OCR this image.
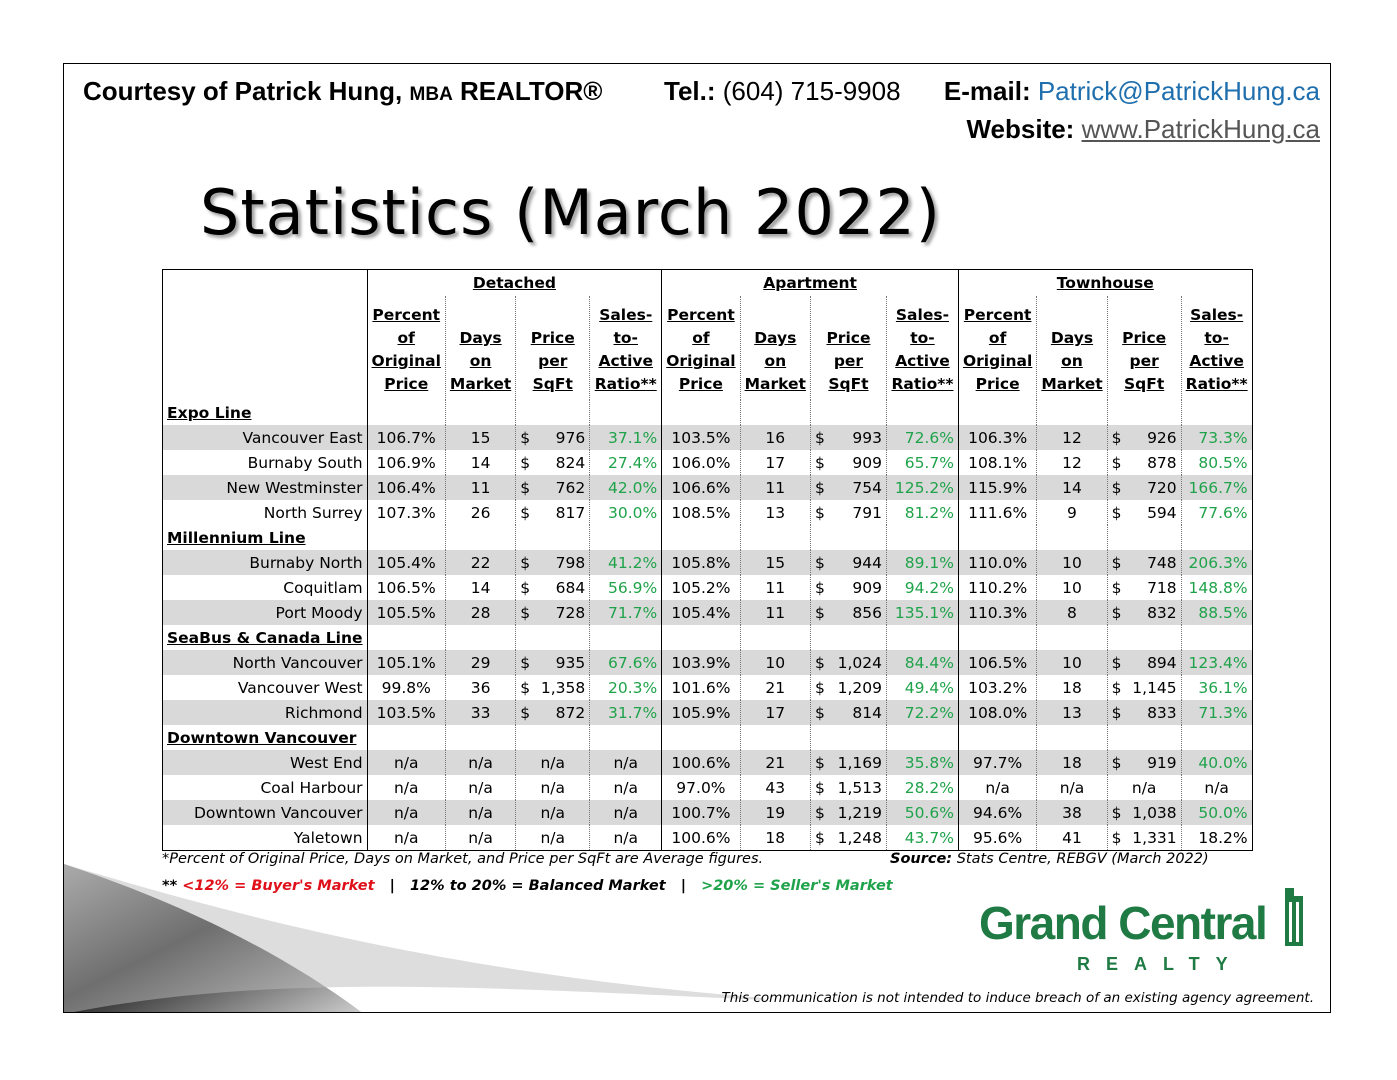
Courtesy of Patrick Hung, MBA REALTOR® Tel.: (604) 715-9908 E-mail: Patrick@PatrickHung.ca
Website: www.PatrickHung.ca
Statistics (March 2022)
	Detached				Apartment				Townhouse			
	Percent
of
Original
Price	Days
on
Market	Price
per
SqFt	Sales-
to-
Active
Ratio**	Percent
of
Original
Price	Days
on
Market	Price
per
SqFt	Sales-
to-
Active
Ratio**	Percent
of
Original
Price	Days
on
Market	Price
per
SqFt	Sales-
to-
Active
Ratio**
Expo Line												
Vancouver East	106.7%	15	$ 976	37.1%	103.5%	16	$ 993	72.6%	106.3%	12	$ 926	73.3%
Burnaby South	106.9%	14	$ 824	27.4%	106.0%	17	$ 909	65.7%	108.1%	12	$ 878	80.5%
New Westminster	106.4%	11	$ 762	42.0%	106.6%	11	$ 754	125.2%	115.9%	14	$ 720	166.7%
North Surrey	107.3%	26	$ 817	30.0%	108.5%	13	$ 791	81.2%	111.6%	9	$ 594	77.6%
Millennium Line												
Burnaby North	105.4%	22	$ 798	41.2%	105.8%	15	$ 944	89.1%	110.0%	10	$ 748	206.3%
Coquitlam	106.5%	14	$ 684	56.9%	105.2%	11	$ 909	94.2%	110.2%	10	$ 718	148.8%
Port Moody	105.5%	28	$ 728	71.7%	105.4%	11	$ 856	135.1%	110.3%	8	$ 832	88.5%
SeaBus & Canada Line												
North Vancouver	105.1%	29	$ 935	67.6%	103.9%	10	$ 1,024	84.4%	106.5%	10	$ 894	123.4%
Vancouver West	99.8%	36	$ 1,358	20.3%	101.6%	21	$ 1,209	49.4%	103.2%	18	$ 1,145	36.1%
Richmond	103.5%	33	$ 872	31.7%	105.9%	17	$ 814	72.2%	108.0%	13	$ 833	71.3%
Downtown Vancouver												
West End	n/a	n/a	n/a	n/a	100.6%	21	$ 1,169	35.8%	97.7%	18	$ 919	40.0%
Coal Harbour	n/a	n/a	n/a	n/a	97.0%	43	$ 1,513	28.2%	n/a	n/a	n/a	n/a
Downtown Vancouver	n/a	n/a	n/a	n/a	100.7%	19	$ 1,219	50.6%	94.6%	38	$ 1,038	50.0%
Yaletown	n/a	n/a	n/a	n/a	100.6%	18	$ 1,248	43.7%	95.6%	41	$ 1,331	18.2%
*Percent of Original Price, Days on Market, and Price per SqFt are Average figures.	Source: Stats Centre, REBGV (March 2022)
** <12% = Buyer's Market | 12% to 20% = Balanced Market | >20% = Seller's Market
Grand Central
REALTY
This communication is not intended to induce breach of an existing agency agreement.
